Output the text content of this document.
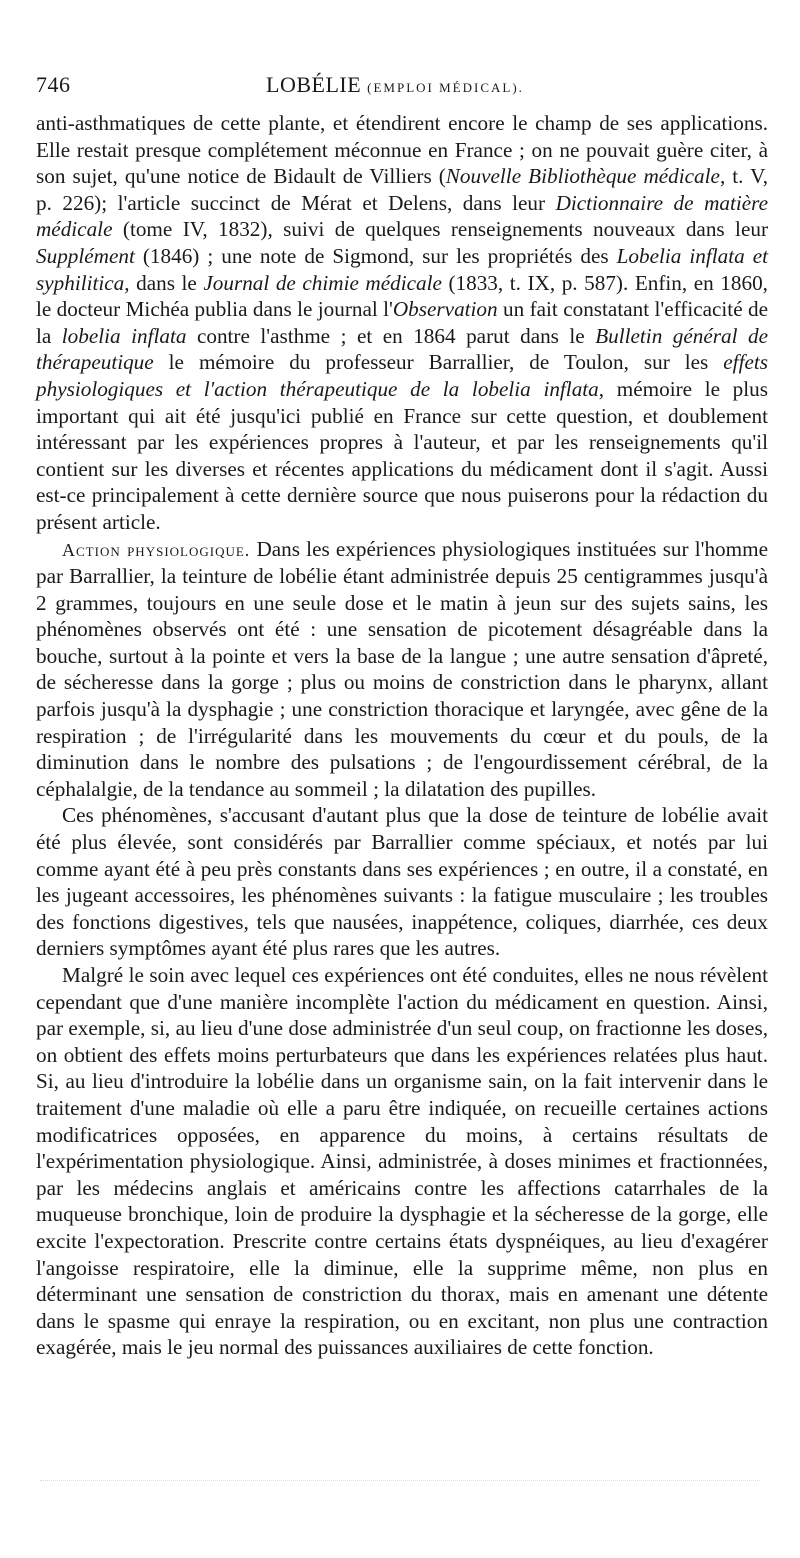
746	LOBÉLIE (EMPLOI MÉDICAL).

anti-asthmatiques de cette plante, et étendirent encore le champ de ses applications. Elle restait presque complétement méconnue en France ; on ne pouvait guère citer, à son sujet, qu'une notice de Bidault de Villiers (Nouvelle Bibliothèque médicale, t. V, p. 226); l'article succinct de Mérat et Delens, dans leur Dictionnaire de matière médicale (tome IV, 1832), suivi de quelques renseignements nouveaux dans leur Supplément (1846) ; une note de Sigmond, sur les propriétés des Lobelia inflata et syphilitica, dans le Journal de chimie médicale (1833, t. IX, p. 587). Enfin, en 1860, le docteur Michéa publia dans le journal l'Observation un fait constatant l'efficacité de la lobelia inflata contre l'asthme ; et en 1864 parut dans le Bulletin général de thérapeutique le mémoire du professeur Barrallier, de Toulon, sur les effets physiologiques et l'action thérapeutique de la lobelia inflata, mémoire le plus important qui ait été jusqu'ici publié en France sur cette question, et doublement intéressant par les expériences propres à l'auteur, et par les renseignements qu'il contient sur les diverses et récentes applications du médicament dont il s'agit. Aussi est-ce principalement à cette dernière source que nous puiserons pour la rédaction du présent article.

Action physiologique. Dans les expériences physiologiques instituées sur l'homme par Barrallier, la teinture de lobélie étant administrée depuis 25 centigrammes jusqu'à 2 grammes, toujours en une seule dose et le matin à jeun sur des sujets sains, les phénomènes observés ont été : une sensation de picotement désagréable dans la bouche, surtout à la pointe et vers la base de la langue ; une autre sensation d'âpreté, de sécheresse dans la gorge ; plus ou moins de constriction dans le pharynx, allant parfois jusqu'à la dysphagie ; une constriction thoracique et laryngée, avec gêne de la respiration ; de l'irrégularité dans les mouvements du cœur et du pouls, de la diminution dans le nombre des pulsations ; de l'engourdissement cérébral, de la céphalalgie, de la tendance au sommeil ; la dilatation des pupilles.

Ces phénomènes, s'accusant d'autant plus que la dose de teinture de lobélie avait été plus élevée, sont considérés par Barrallier comme spéciaux, et notés par lui comme ayant été à peu près constants dans ses expériences ; en outre, il a constaté, en les jugeant accessoires, les phénomènes suivants : la fatigue musculaire ; les troubles des fonctions digestives, tels que nausées, inappétence, coliques, diarrhée, ces deux derniers symptômes ayant été plus rares que les autres.

Malgré le soin avec lequel ces expériences ont été conduites, elles ne nous révèlent cependant que d'une manière incomplète l'action du médicament en question. Ainsi, par exemple, si, au lieu d'une dose administrée d'un seul coup, on fractionne les doses, on obtient des effets moins perturbateurs que dans les expériences relatées plus haut. Si, au lieu d'introduire la lobélie dans un organisme sain, on la fait intervenir dans le traitement d'une maladie où elle a paru être indiquée, on recueille certaines actions modificatrices opposées, en apparence du moins, à certains résultats de l'expérimentation physiologique. Ainsi, administrée, à doses minimes et fractionnées, par les médecins anglais et américains contre les affections catarrhales de la muqueuse bronchique, loin de produire la dysphagie et la sécheresse de la gorge, elle excite l'expectoration. Prescrite contre certains états dyspnéiques, au lieu d'exagérer l'angoisse respiratoire, elle la diminue, elle la supprime même, non plus en déterminant une sensation de constriction du thorax, mais en amenant une détente dans le spasme qui enraye la respiration, ou en excitant, non plus une contraction exagérée, mais le jeu normal des puissances auxiliaires de cette fonction.
